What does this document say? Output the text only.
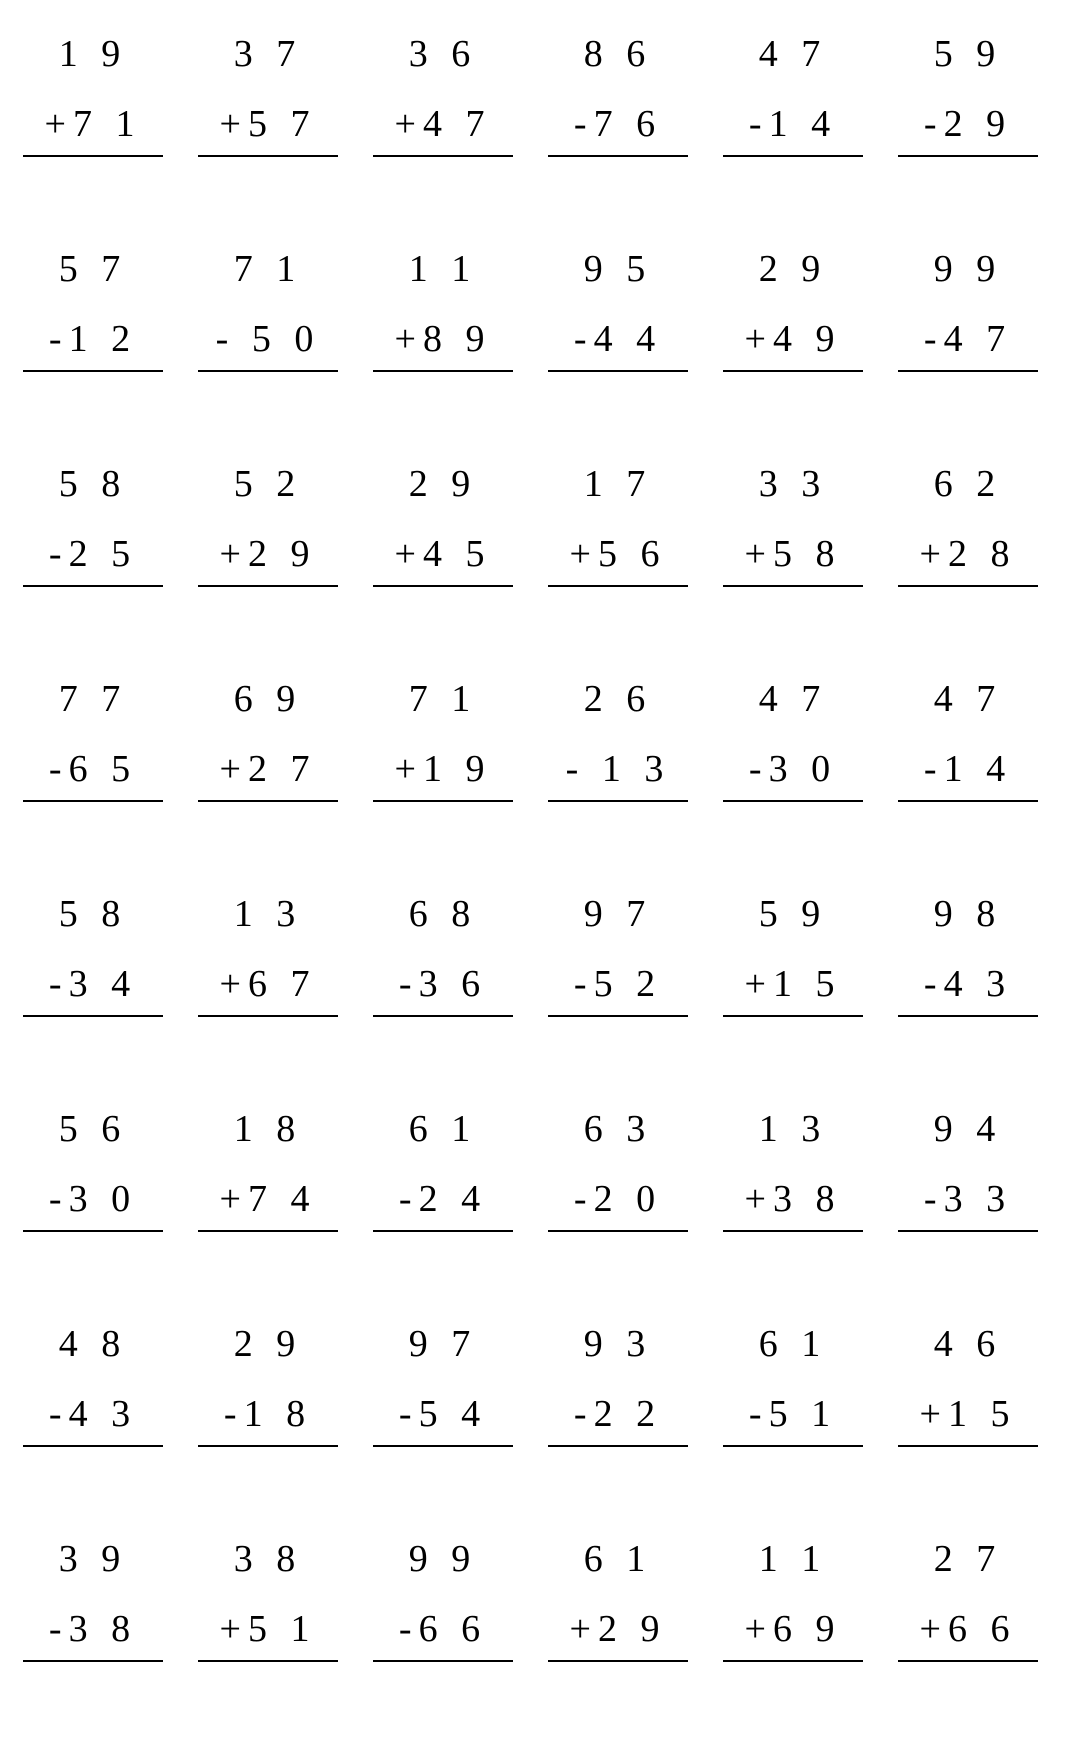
1 9
+7 1
3 7
+5 7
3 6
+4 7
8 6
-7 6
4 7
-1 4
5 9
-2 9
5 7
-1 2
7 1
- 5 0
1 1
+8 9
9 5
-4 4
2 9
+4 9
9 9
-4 7
5 8
-2 5
5 2
+2 9
2 9
+4 5
1 7
+5 6
3 3
+5 8
6 2
+2 8
7 7
-6 5
6 9
+2 7
7 1
+1 9
2 6
- 1 3
4 7
-3 0
4 7
-1 4
5 8
-3 4
1 3
+6 7
6 8
-3 6
9 7
-5 2
5 9
+1 5
9 8
-4 3
5 6
-3 0
1 8
+7 4
6 1
-2 4
6 3
-2 0
1 3
+3 8
9 4
-3 3
4 8
-4 3
2 9
-1 8
9 7
-5 4
9 3
-2 2
6 1
-5 1
4 6
+1 5
3 9
-3 8
3 8
+5 1
9 9
-6 6
6 1
+2 9
1 1
+6 9
2 7
+6 6
